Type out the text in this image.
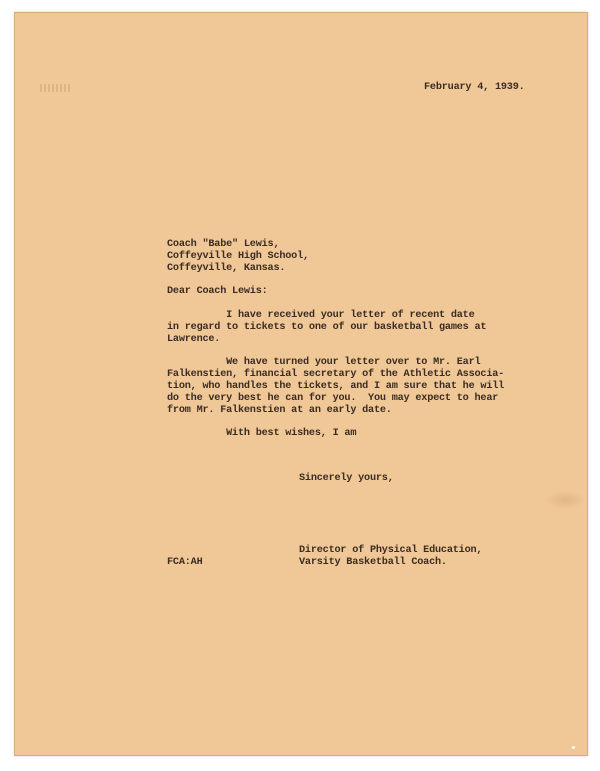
February 4, 1939.
Coach "Babe" Lewis,
Coffeyville High School,
Coffeyville, Kansas.
Dear Coach Lewis:
I have received your letter of recent date
in regard to tickets to one of our basketball games at
Lawrence.
We have turned your letter over to Mr. Earl
Falkenstien, financial secretary of the Athletic Associa-
tion, who handles the tickets, and I am sure that he will
do the very best he can for you.  You may expect to hear
from Mr. Falkenstien at an early date.
With best wishes, I am
Sincerely yours,
Director of Physical Education,
Varsity Basketball Coach.
FCA:AH
